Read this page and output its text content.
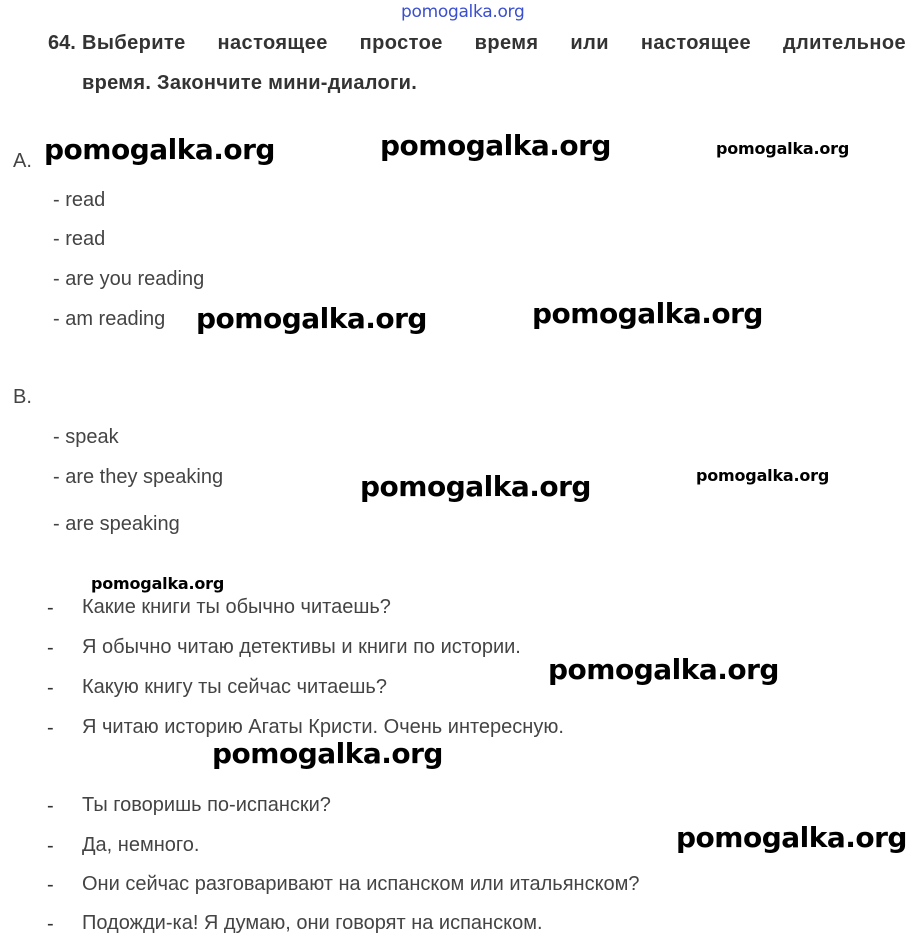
pomogalka.org
64. Выберите настоящее простое время или настоящее длительное
время. Закончите мини-диалоги.
A.
- read
- read
- are you reading
- am reading
B.
- speak
- are they speaking
- are speaking
- Какие книги ты обычно читаешь?
- Я обычно читаю детективы и книги по истории.
- Какую книгу ты сейчас читаешь?
- Я читаю историю Агаты Кристи. Очень интересную.
- Ты говоришь по-испански?
- Да, немного.
- Они сейчас разговаривают на испанском или итальянском?
- Подожди-ка! Я думаю, они говорят на испанском.
pomogalka.org	pomogalka.org	pomogalka.org
pomogalka.org	pomogalka.org
pomogalka.org	pomogalka.org
pomogalka.org
pomogalka.org
pomogalka.org
pomogalka.org
